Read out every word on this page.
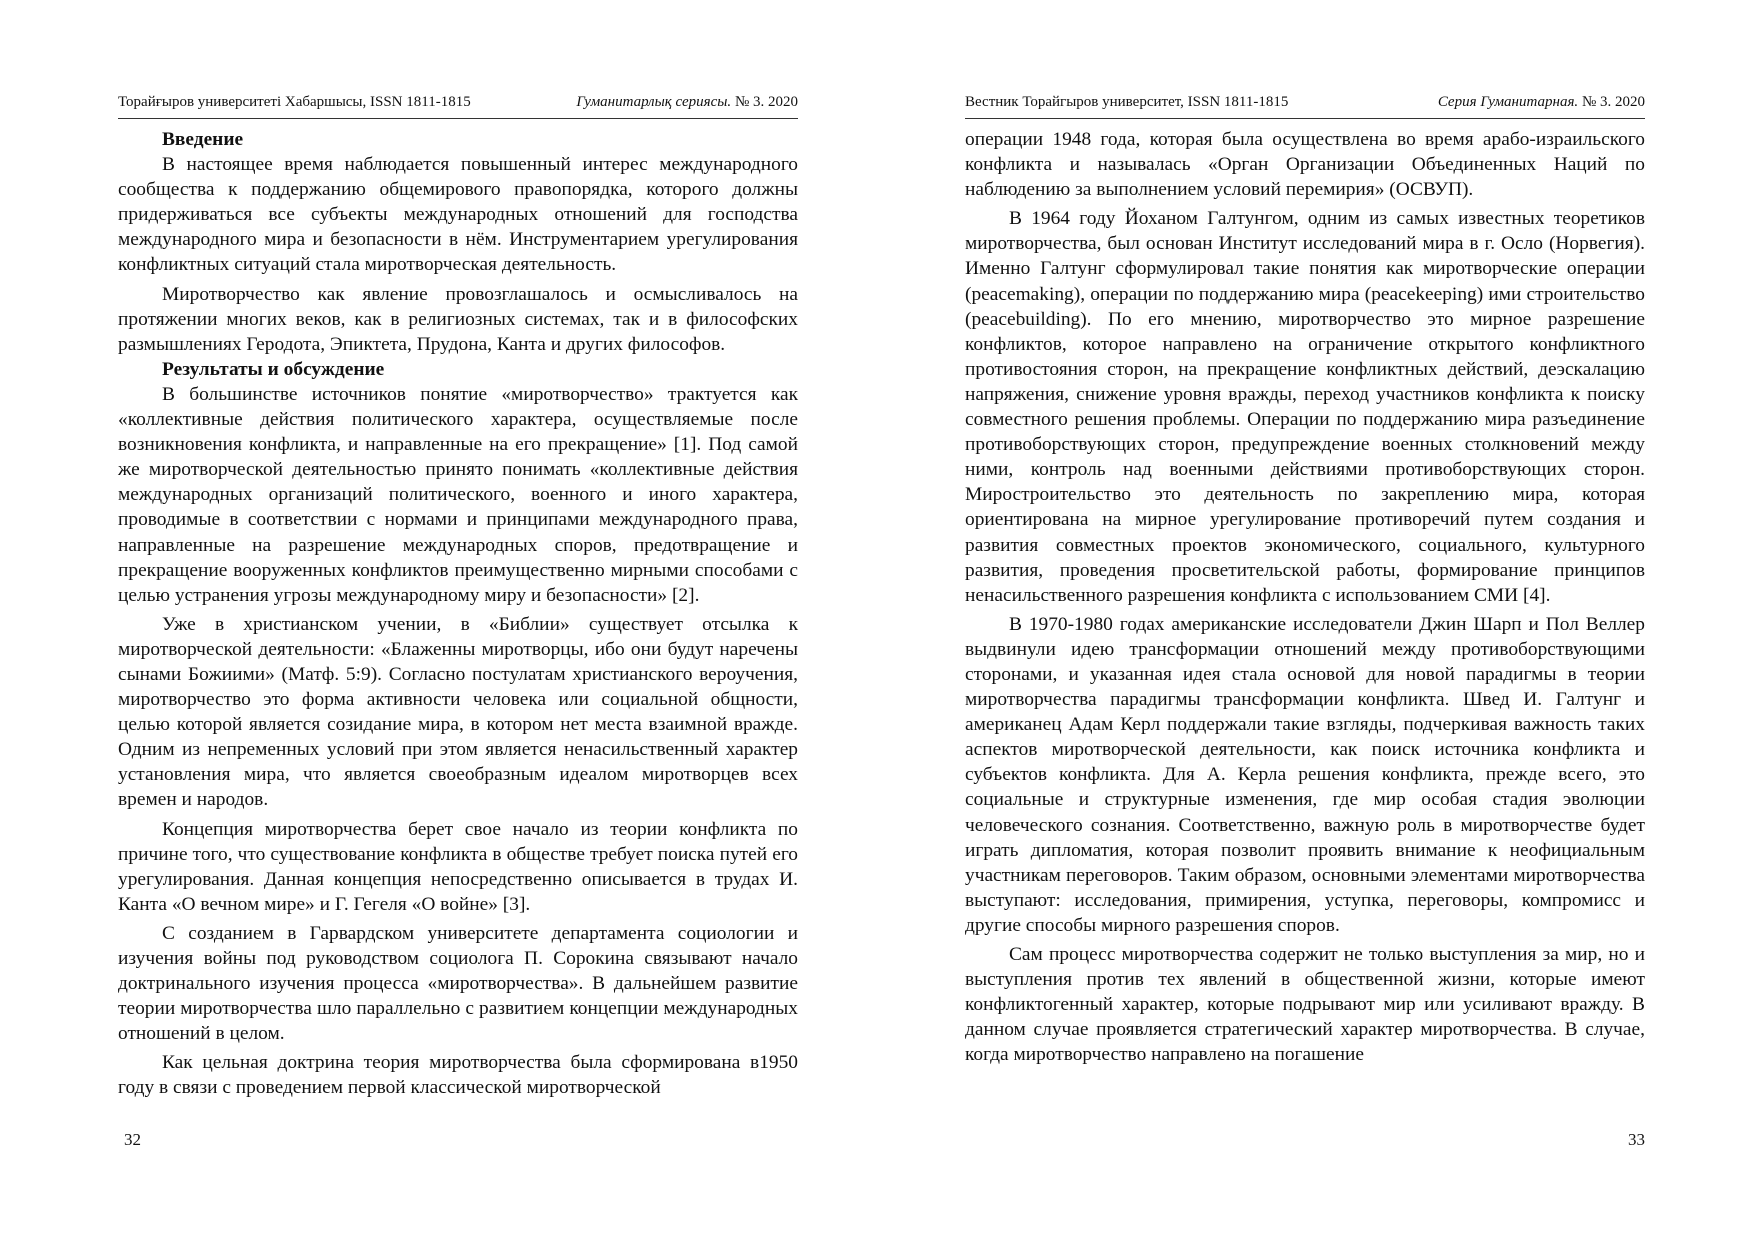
Торайғыров университетi Хабаршысы, ISSN 1811-1815	Гуманитарлық сериясы. № 3. 2020
Введение

В настоящее время наблюдается повышенный интерес международного сообщества к поддержанию общемирового правопорядка, которого должны придерживаться все субъекты международных отношений для господства международного мира и безопасности в нём. Инструментарием урегулирования конфликтных ситуаций стала миротворческая деятельность.

Миротворчество как явление провозглашалось и осмысливалось на протяжении многих веков, как в религиозных системах, так и в философских размышлениях Геродота, Эпиктета, Прудона, Канта и других философов.

Результаты и обсуждение

В большинстве источников понятие «миротворчество» трактуется как «коллективные действия политического характера, осуществляемые после возникновения конфликта, и направленные на его прекращение» [1]. Под самой же миротворческой деятельностью принято понимать «коллективные действия международных организаций политического, военного и иного характера, проводимые в соответствии с нормами и принципами международного права, направленные на разрешение международных споров, предотвращение и прекращение вооруженных конфликтов преимущественно мирными способами с целью устранения угрозы международному миру и безопасности» [2].

Уже в христианском учении, в «Библии» существует отсылка к миротворческой деятельности: «Блаженны миротворцы, ибо они будут наречены сынами Божиими» (Матф. 5:9). Согласно постулатам христианского вероучения, миротворчество это форма активности человека или социальной общности, целью которой является созидание мира, в котором нет места взаимной вражде. Одним из непременных условий при этом является ненасильственный характер установления мира, что является своеобразным идеалом миротворцев всех времен и народов.

Концепция миротворчества берет свое начало из теории конфликта по причине того, что существование конфликта в обществе требует поиска путей его урегулирования. Данная концепция непосредственно описывается в трудах И. Канта «О вечном мире» и Г. Гегеля «О войне» [3].

С созданием в Гарвардском университете департамента социологии и изучения войны под руководством социолога П. Сорокина связывают начало доктринального изучения процесса «миротворчества». В дальнейшем развитие теории миротворчества шло параллельно с развитием концепции международных отношений в целом.

Как цельная доктрина теория миротворчества была сформирована в1950 году в связи с проведением первой классической миротворческой

32
Вестник Торайгыров университет, ISSN 1811-1815	Серия Гуманитарная. № 3. 2020

операции 1948 года, которая была осуществлена во время арабо-израильского конфликта и называлась «Орган Организации Объединенных Наций по наблюдению за выполнением условий перемирия» (ОСВУП).

В 1964 году Йоханом Галтунгом, одним из самых известных теоретиков миротворчества, был основан Институт исследований мира в г. Осло (Норвегия). Именно Галтунг сформулировал такие понятия как миротворческие операции (peacemaking), операции по поддержанию мира (peacekeeping) ими строительство (peacebuilding). По его мнению, миротворчество это мирное разрешение конфликтов, которое направлено на ограничение открытого конфликтного противостояния сторон, на прекращение конфликтных действий, деэскалацию напряжения, снижение уровня вражды, переход участников конфликта к поиску совместного решения проблемы. Операции по поддержанию мира разъединение противоборствующих сторон, предупреждение военных столкновений между ними, контроль над военными действиями противоборствующих сторон. Миростроительство это деятельность по закреплению мира, которая ориентирована на мирное урегулирование противоречий путем создания и развития совместных проектов экономического, социального, культурного развития, проведения просветительской работы, формирование принципов ненасильственного разрешения конфликта с использованием СМИ [4].

В 1970-1980 годах американские исследователи Джин Шарп и Пол Веллер выдвинули идею трансформации отношений между противоборствующими сторонами, и указанная идея стала основой для новой парадигмы в теории миротворчества парадигмы трансформации конфликта. Швед И. Галтунг и американец Адам Керл поддержали такие взгляды, подчеркивая важность таких аспектов миротворческой деятельности, как поиск источника конфликта и субъектов конфликта. Для А. Керла решения конфликта, прежде всего, это социальные и структурные изменения, где мир особая стадия эволюции человеческого сознания. Соответственно, важную роль в миротворчестве будет играть дипломатия, которая позволит проявить внимание к неофициальным участникам переговоров. Таким образом, основными элементами миротворчества выступают: исследования, примирения, уступка, переговоры, компромисс и другие способы мирного разрешения споров.

Сам процесс миротворчества содержит не только выступления за мир, но и выступления против тех явлений в общественной жизни, которые имеют конфликтогенный характер, которые подрывают мир или усиливают вражду. В данном случае проявляется стратегический характер миротворчества. В случае, когда миротворчество направлено на погашение

33
